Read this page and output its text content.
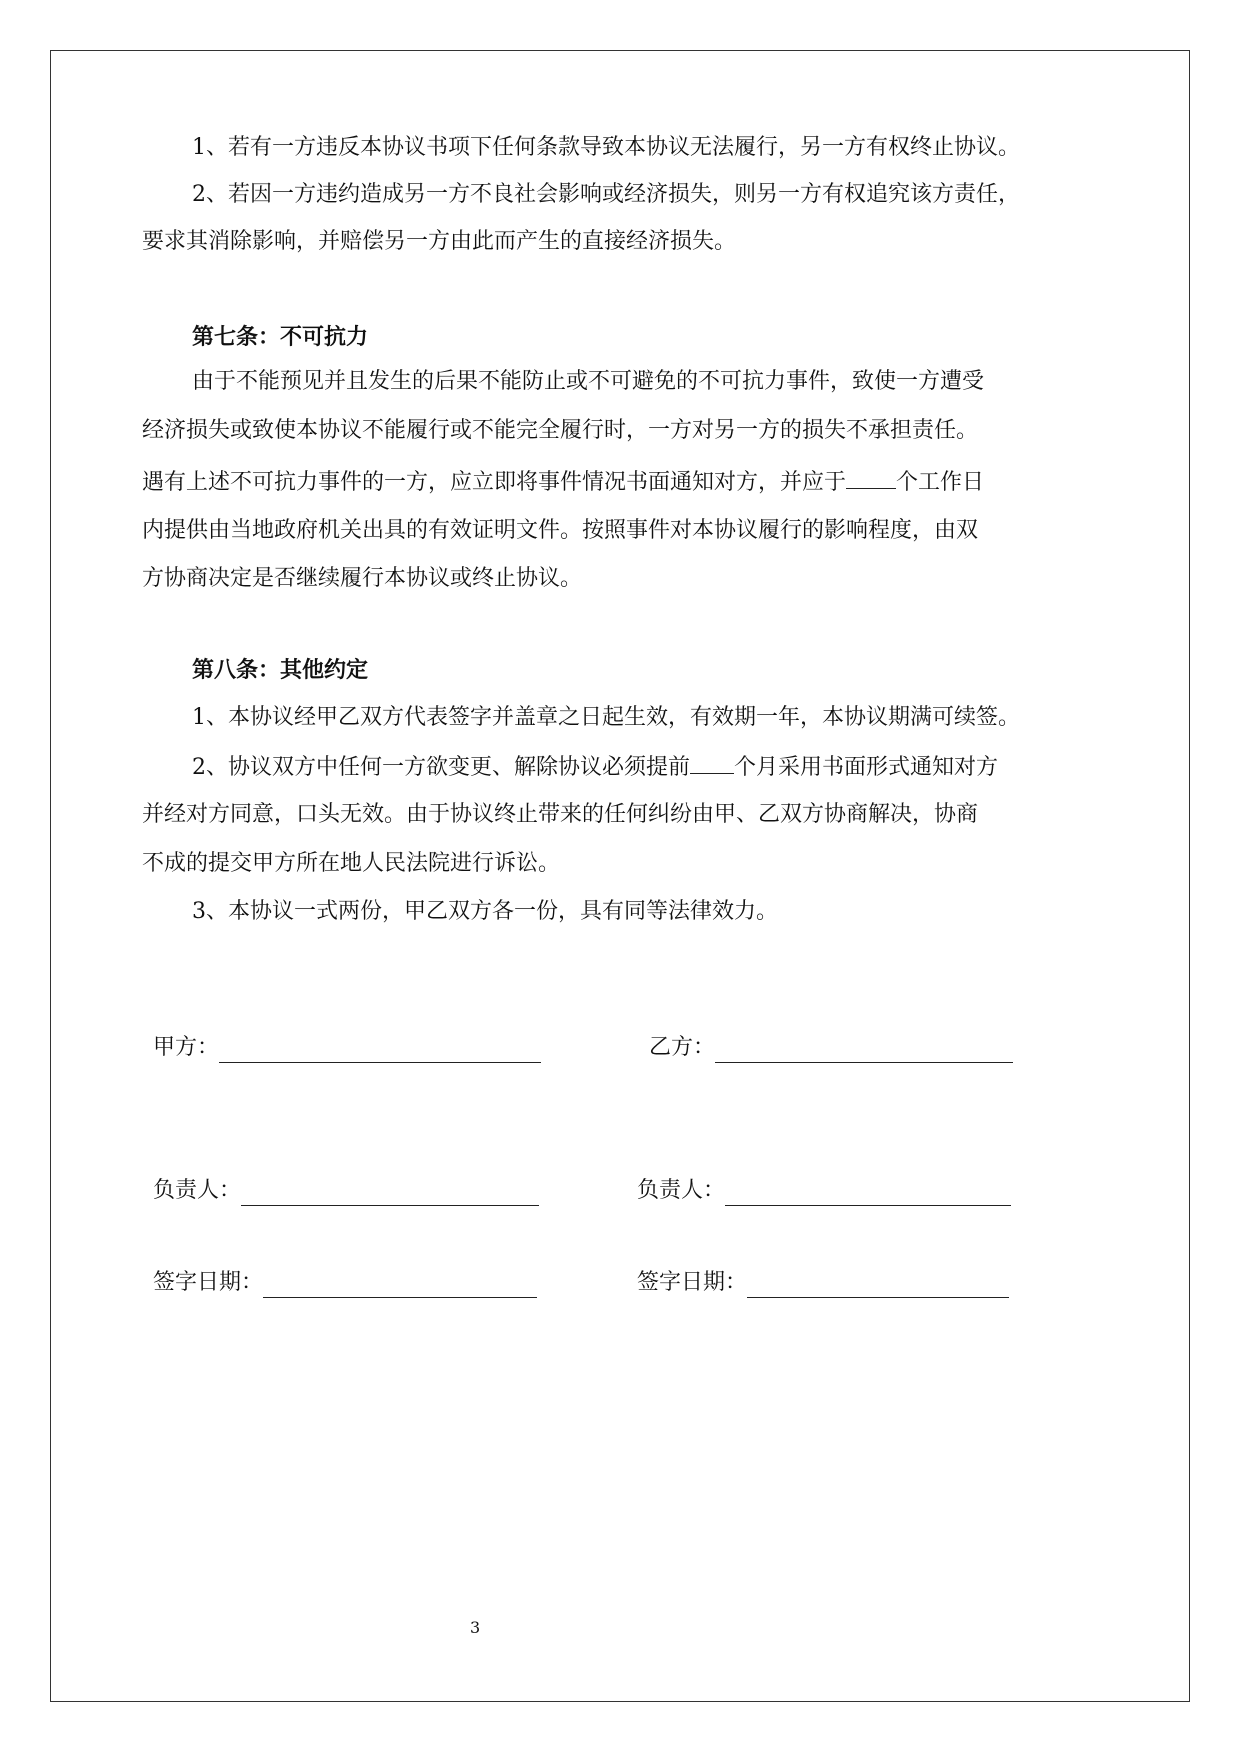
1、若有一方违反本协议书项下任何条款导致本协议无法履行，另一方有权终止协议。
2、若因一方违约造成另一方不良社会影响或经济损失，则另一方有权追究该方责任，
要求其消除影响，并赔偿另一方由此而产生的直接经济损失。
第七条：不可抗力
由于不能预见并且发生的后果不能防止或不可避免的不可抗力事件，致使一方遭受
经济损失或致使本协议不能履行或不能完全履行时，一方对另一方的损失不承担责任。
遇有上述不可抗力事件的一方，应立即将事件情况书面通知对方，并应于 个工作日
内提供由当地政府机关出具的有效证明文件。按照事件对本协议履行的影响程度，由双
方协商决定是否继续履行本协议或终止协议。
第八条：其他约定
1、本协议经甲乙双方代表签字并盖章之日起生效，有效期一年，本协议期满可续签。
2、协议双方中任何一方欲变更、解除协议必须提前 个月采用书面形式通知对方
并经对方同意，口头无效。由于协议终止带来的任何纠纷由甲、乙双方协商解决，协商
不成的提交甲方所在地人民法院进行诉讼。
3、本协议一式两份，甲乙双方各一份，具有同等法律效力。
甲方：	乙方：
负责人：	负责人：
签字日期：	签字日期：
3
